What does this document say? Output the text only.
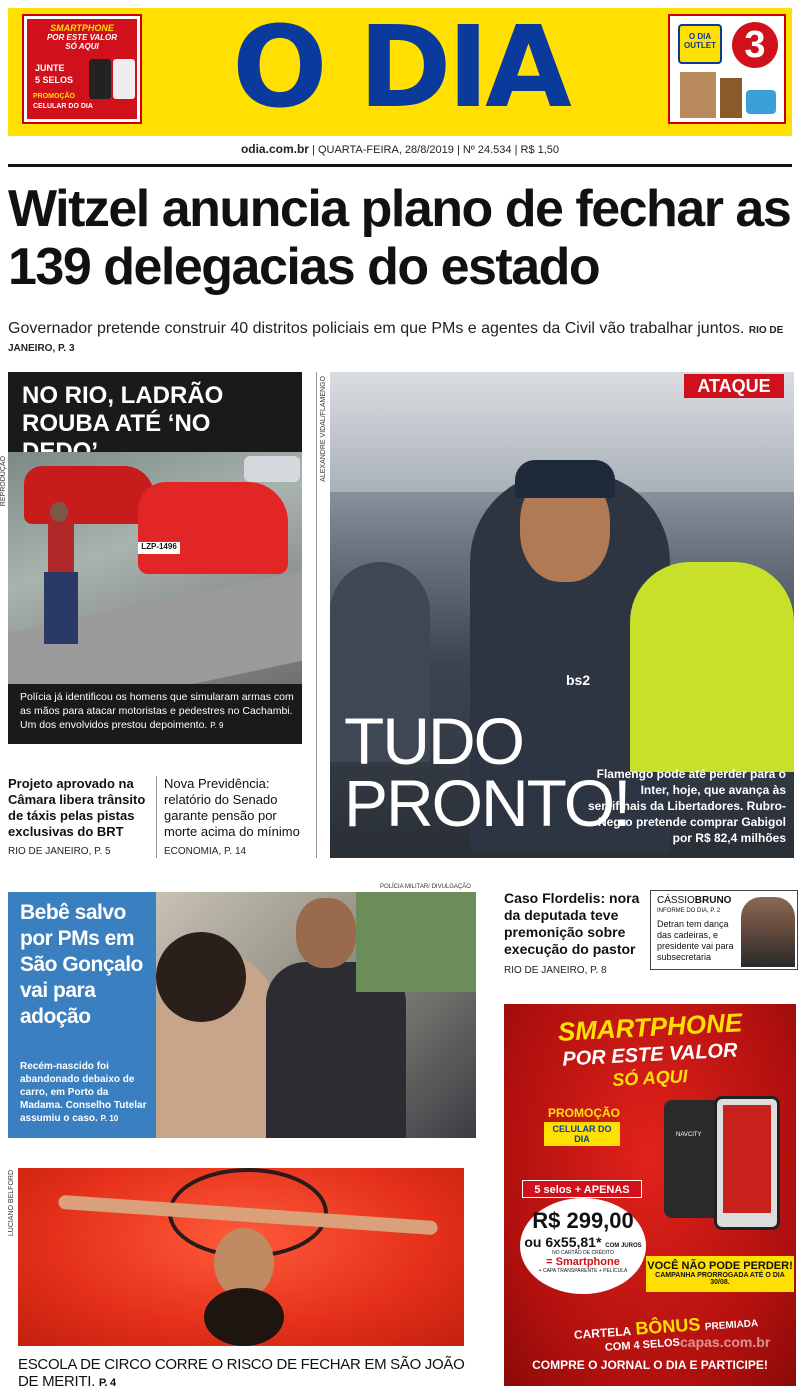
SMARTPHONE
POR ESTE VALOR
SÓ AQUI
JUNTE
5 SELOS
PROMOÇÃO
CELULAR DO DIA O DIA	O DIA OUTLET 3
odia.com.br | QUARTA-FEIRA, 28/8/2019 | Nº 24.534 | R$ 1,50
Witzel anuncia plano de fechar as 139 delegacias do estado
Governador pretende construir 40 distritos policiais em que PMs e agentes da Civil vão trabalhar juntos. RIO DE JANEIRO, P. 3
NO RIO, LADRÃO ROUBA ATÉ ‘NO
REPRODUÇÃO
LZP-1496
Polícia já identificou os homens que simularam armas com as mãos para atacar motoristas e pedestres no Cachambi. Um dos envolvidos prestou depoimento. P. 9
Projeto aprovado na Câmara libera trânsito de táxis pelas pistas exclusivas do BRT
RIO DE JANEIRO, P. 5
Nova Previdência: relatório do Senado garante pensão por morte acima do mínimo
ECONOMIA, P. 14
ALEXANDRE VIDAL/FLAMENGO
bs2
ATAQUE
TUDO
PRONTO!
Flamengo pode até perder para o Inter, hoje, que avança às semifinais da Libertadores. Rubro-Negro pretende comprar Gabigol por R$ 82,4 milhões
POLÍCIA MILITAR/ DIVULGAÇÃO
Bebê salvo por PMs em São Gonçalo vai para adoção
Recém-nascido foi abandonado debaixo de carro, em Porto da Madama. Conselho Tutelar assumiu o caso. P. 10
LUCIANO BELFORD
ESCOLA DE CIRCO CORRE O RISCO DE FECHAR EM SÃO JOÃO DE MERITI. P. 4
Caso Flordelis: nora da deputada teve premonição sobre execução do pastor
RIO DE JANEIRO, P. 8
CÁSSIOBRUNO
INFORME DO DIA, P. 2
Detran tem dança das cadeiras, e presidente vai para subsecretaria
SMARTPHONE
POR ESTE VALOR
SÓ AQUI
PROMOÇÃO
CELULAR DO DIA	NAVCITY
5 selos + APENAS
R$ 299,00
ou 6x55,81* COM JUROS
NO CARTÃO DE CRÉDITO
= Smartphone
+ CAPA TRANSPARENTE + PELÍCULA	VOCÊ NÃO PODE PERDER!
CAMPANHA PRORROGADA ATÉ O DIA 30/08.
CARTELA BÔNUS PREMIADA
COM 4 SELOS
COMPRE O JORNAL O DIA E PARTICIPE!
capas.com.br
